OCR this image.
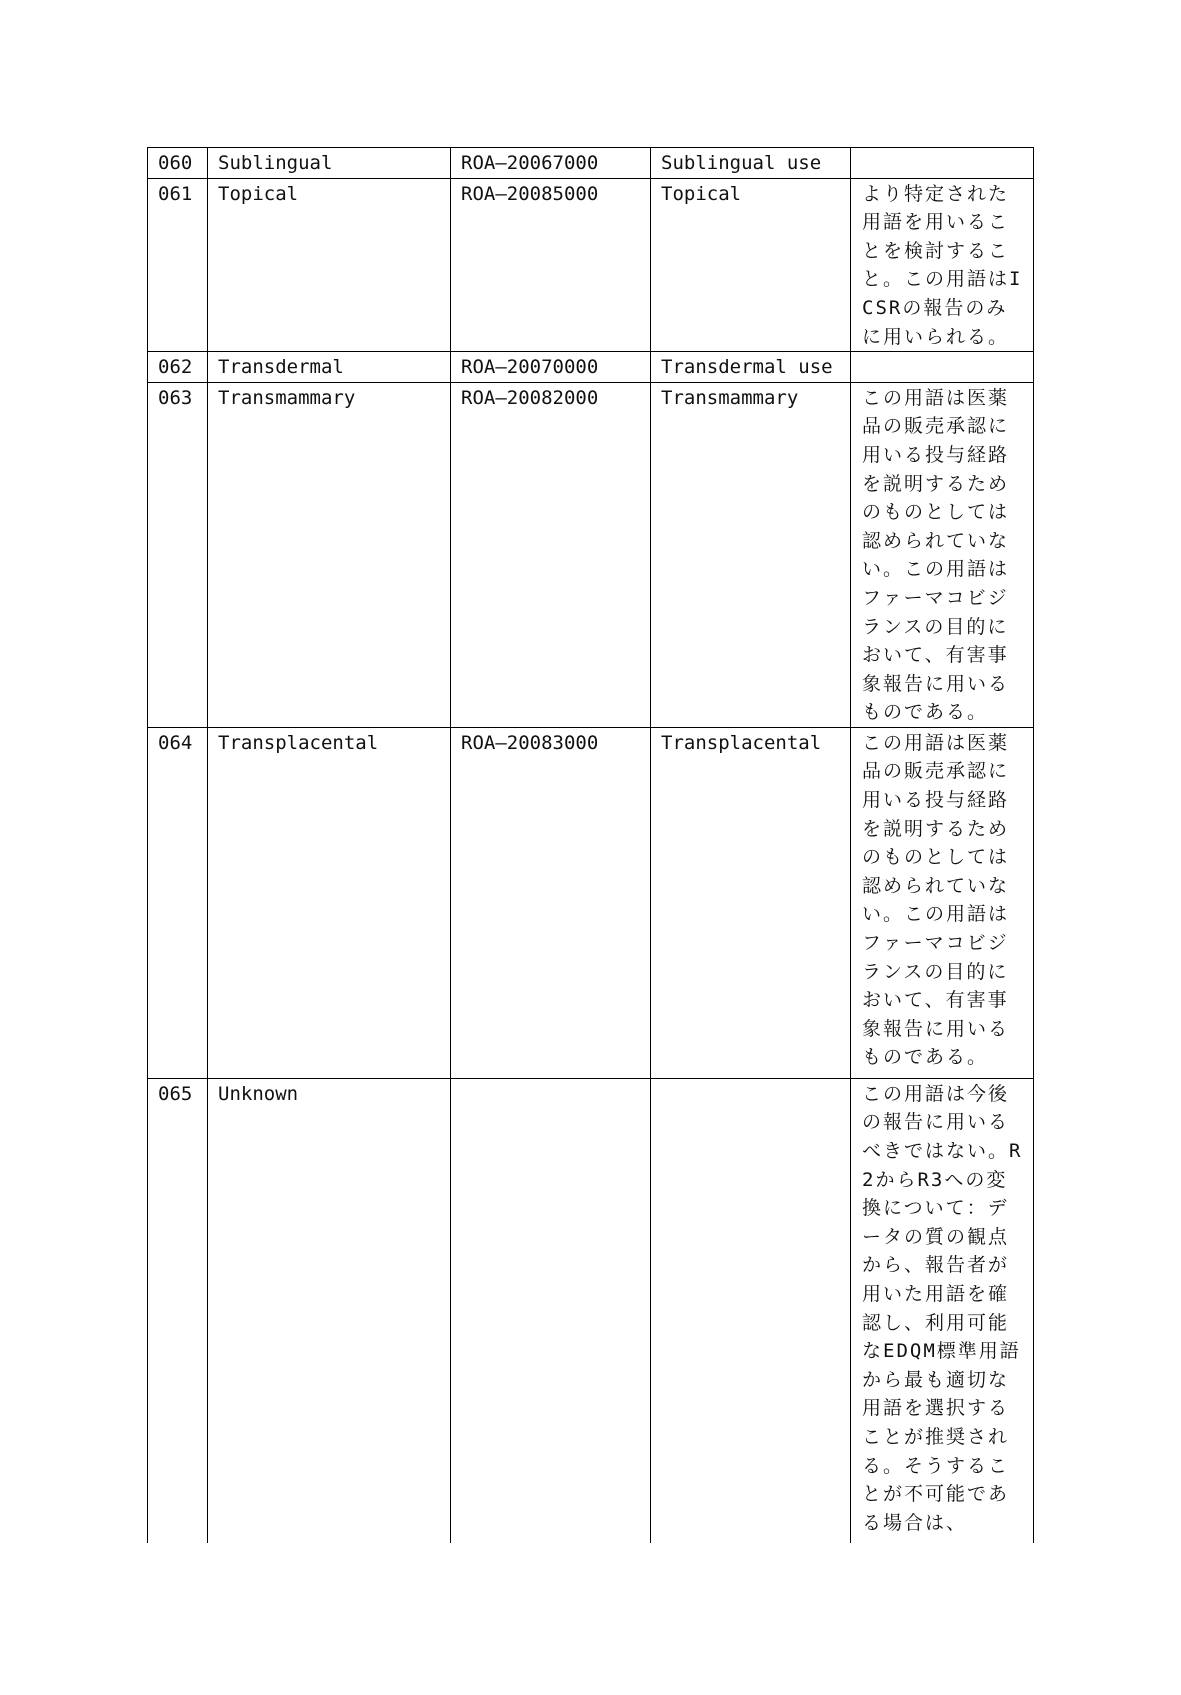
060	Sublingual	ROA—20067000	Sublingual use	
061	Topical	ROA—20085000	Topical	より特定された用語を用いることを検討すること。この用語はICSRの報告のみに用いられる。
062	Transdermal	ROA—20070000	Transdermal use	
063	Transmammary	ROA—20082000	Transmammary	この用語は医薬品の販売承認に用いる投与経路を説明するためのものとしては認められていない。この用語はファーマコビジランスの目的において、有害事象報告に用いるものである。
064	Transplacental	ROA—20083000	Transplacental	この用語は医薬品の販売承認に用いる投与経路を説明するためのものとしては認められていない。この用語はファーマコビジランスの目的において、有害事象報告に用いるものである。
065	Unknown			この用語は今後の報告に用いるべきではない。R2からR3への変換について：データの質の観点から、報告者が用いた用語を確認し、利用可能なEDQM標準用語から最も適切な用語を選択することが推奨される。そうすることが不可能である場合は、
